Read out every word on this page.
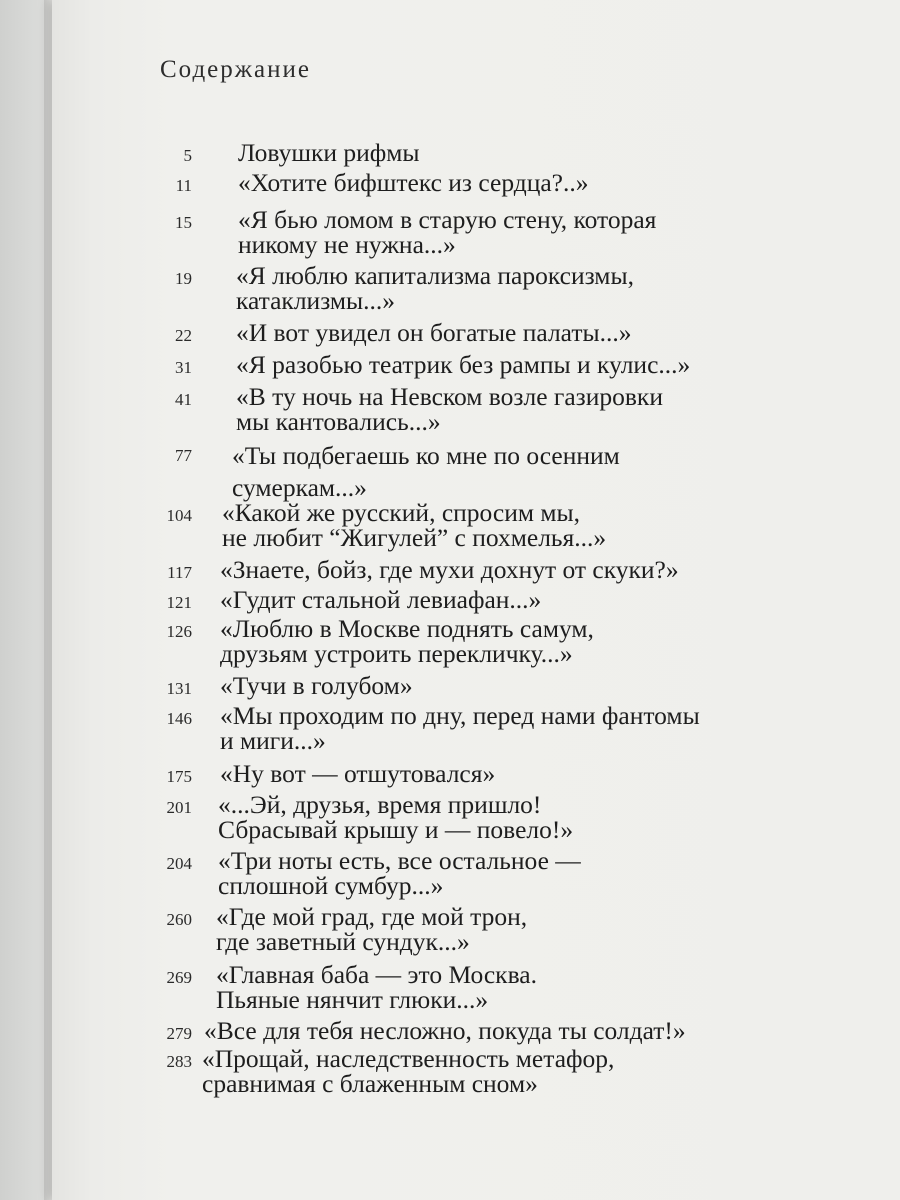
Содержание
5 Ловушки рифмы
11 «Хотите бифштекс из сердца?..»
15 «Я бью ломом в старую стену, которая
никому не нужна...»
19 «Я люблю капитализма пароксизмы,
катаклизмы...»
22 «И вот увидел он богатые палаты...»
31 «Я разобью театрик без рампы и кулис...»
41 «В ту ночь на Невском возле газировки
мы кантовались...»
77 «Ты подбегаешь ко мне по осенним
сумеркам...»
104 «Какой же русский, спросим мы,
не любит “Жигулей” с похмелья...»
117 «Знаете, бойз, где мухи дохнут от скуки?»
121 «Гудит стальной левиафан...»
126 «Люблю в Москве поднять самум,
друзьям устроить перекличку...»
131 «Тучи в голубом»
146 «Мы проходим по дну, перед нами фантомы
и миги...»
175 «Ну вот — отшутовался»
201 «...Эй, друзья, время пришло!
Сбрасывай крышу и — повело!»
204 «Три ноты есть, все остальное —
сплошной сумбур...»
260 «Где мой град, где мой трон,
где заветный сундук...»
269 «Главная баба — это Москва.
Пьяные нянчит глюки...»
279 «Все для тебя несложно, покуда ты солдат!»
283 «Прощай, наследственность метафор,
сравнимая с блаженным сном»
